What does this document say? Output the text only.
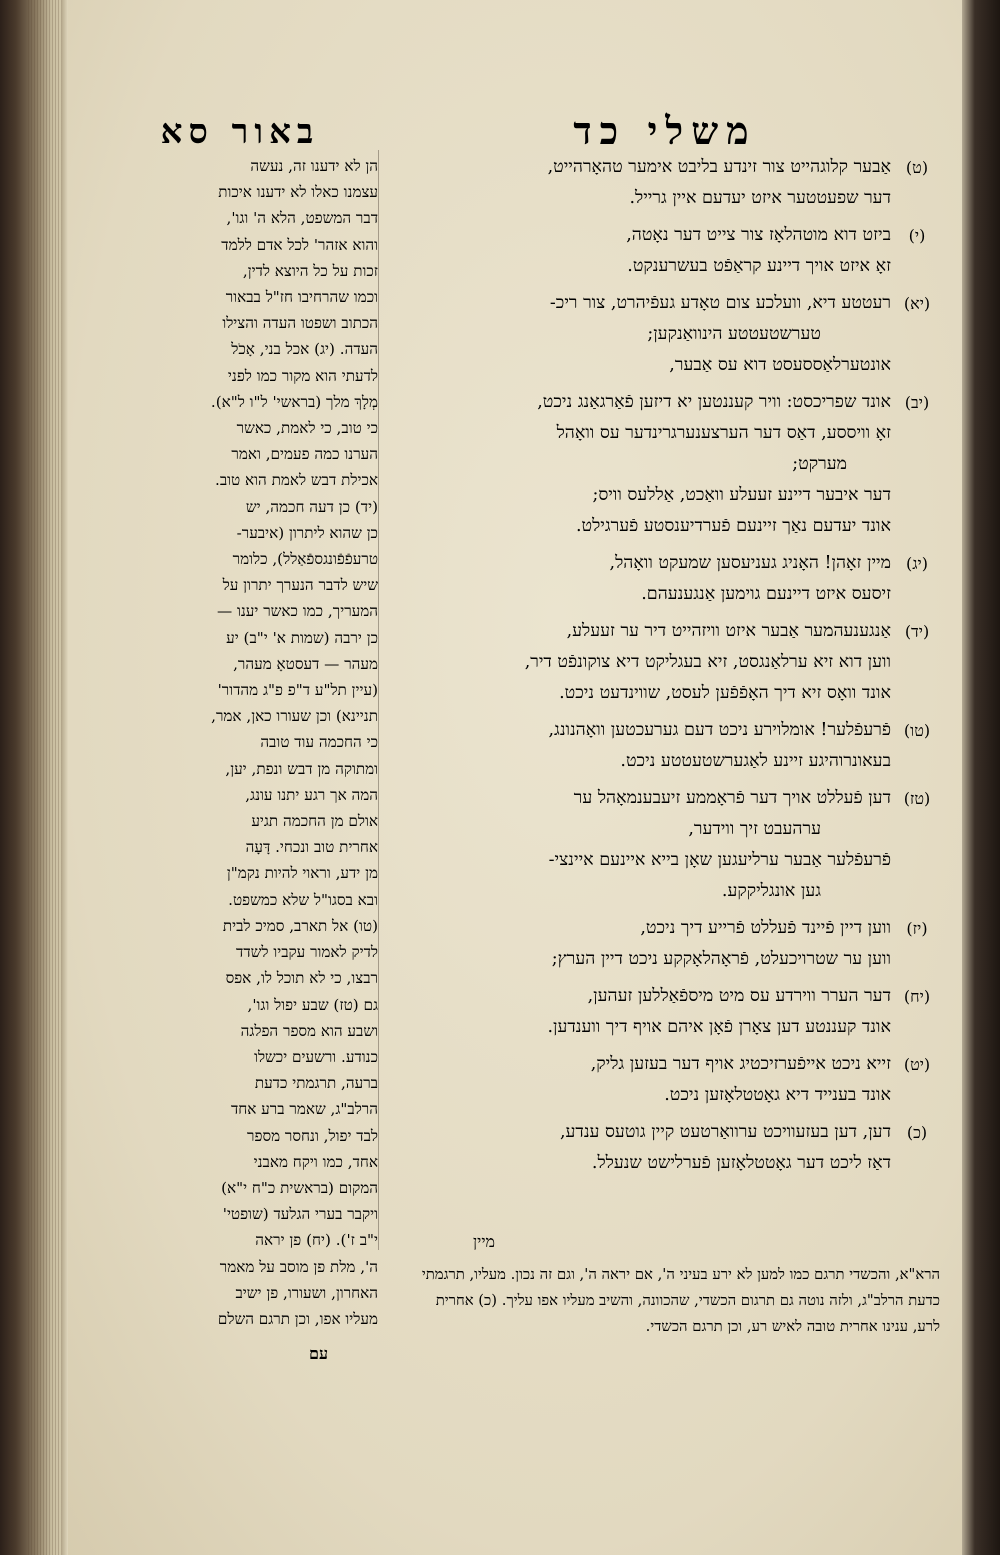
באור סא	משלי כד
הן לא ידענו זה, נעשה
עצמנו כאלו לא ידענו איכות
דבר המשפט, הלא ה' וגו',
והוא אזהר' לכל אדם ללמד
זכות על כל היוצא לדין,
וכמו שהרחיבו חז"ל בבאור
הכתוב ושפטו העדה והצילו
העדה. (יג) אכל בני, אָכֹל
לדעתי הוא מקור כמו לפני
מְלָךְ מלך (בראשי' ל"ו ל"א).
כי טוב, כי לאמת, כאשר
הערנו כמה פעמים, ואמר
אכילת דבש לאמת הוא טוב.
(יד) כן דעה חכמה, יש
כן שהוא ליתרון (איבער-
טרעפֿפֿונגספֿאַלל), כלומר
שיש לדבר הנערך יתרון על
המעריך, כמו כאשר יענו —
כן ירבה (שמות א' י"ב) יע
מעהר — דעסטאָ מעהר,
(עיין תל"ע ד"פ פ"ג מהדור'
תניינא) וכן שעורו כאן, אמר,
כי החכמה עוד טובה
ומתוקה מן דבש ונפת, יען,
המה אך רגע יתנו עונג,
אולם מן החכמה תגיע
אחרית טוב ונכחי. דָּעָה
מן ידע, וראוי להיות נקמ"ן
ובא בסגו"ל שלא כמשפט.
(טו) אל תארב, סמיכ לבית
לדיק לאמור עקביו לשדד
רבצו, כי לא תוכל לו, אפס
גם (טז) שבע יפול וגו',
ושבע הוא מספר הפלגה
כנודע. ורשעים יכשלו
ברעה, תרגמתי כדעת
הרלב"ג, שאמר ברע אחד
לבד יפול, ונחסר מספר
אחד, כמו ויקח מאבני
המקום (בראשית כ"ח י"א)
ויקבר בערי הגלעד (שופטי'
י"ב ז'). (יח) פן יראה
ה', מלת פן מוסב על מאמר
האחרון, ושעורו, פן ישיב
מעליו אפו, וכן תרגם השלם
(ט)
אַבער קלוגהייט צור זינדע בליבט אימער טהאָרהייט,
דער שפעטטער איזט יעדעם איין גרייל.
(י)
ביזט דוא מוטהלאָז צור צייט דער נאָטה,
זאָ איזט אויך דיינע קראַפֿט בעשרענקט.
(יא)
רעטטע דיא, וועלכע צום טאָדע געפֿיהרט, צור ריכ-
טערשטעטטע הינוואַנקען;
אונטערלאַססעסט דוא עס אַבער,
(יב)
אונד שפריכסט: וויר קעננטען יא דיזען פֿאַרגאַנג ניכט,
זאָ וויססע, דאַס דער הערצענערגרינדער עס וואָהל
מערקט;
דער איבער דיינע זעעלע וואַכט, אַללעס וויס;
אונד יעדעם נאַך זיינעם פֿערדיענסטע פֿערגילט.
(יג)
מיין זאָהן! האָניג געניעסען שמעקט וואָהל,
זיסעס איזט דיינעם גוימען אַנגענעהם.
(יד)
אַנגענעהמער אַבער איזט וויזהייט דיר ער זעעלע,
ווען דוא זיא ערלאַנגסט, זיא בעגליקט דיא צוקונפֿט דיר,
אונד וואָס זיא דיך האָפֿפֿען לעסט, שווינדעט ניכט.
(טו)
פֿרעפֿלער! אומלוירע ניכט דעם גערעכטען וואָהנונג,
בעאונרוהיגע זיינע לאַגערשטעטטע ניכט.
(טז)
דען פֿעללט אויך דער פֿראָממע זיעבענמאָהל ער
ערהעבט זיך ווידער,
פֿרעפֿלער אַבער ערליעגען שאָן בייא איינעם איינצי-
גען אונגליקקע.
(יז)
ווען דיין פֿיינד פֿעללט פֿרייע דיך ניכט,
ווען ער שטרויכעלט, פֿראָהלאָקקע ניכט דיין הערץ;
(יח)
דער הערר ווירדע עס מיט מיספֿאַללען זעהען,
אונד קעננטע דען צאָרן פֿאָן איהם אויף דיך ווענדען.
(יט)
זייא ניכט אייפֿערזיכטיג אויף דער בעזען גליק,
אונד בענייד דיא גאָטטלאָזען ניכט.
(כ)
דען, דען בעזעוויכט ערוואַרטעט קיין גוטעס ענדע,
דאַז ליכט דער גאָטטלאָזען פֿערלישט שנעלל.
מיין
הרא"א, והכשדי תרגם כמו למען לא ירע בעיני ה', אם יראה ה', וגם זה נכון. מעליו, תרגמתי
כדעת הרלב"ג, ולזה נוטה גם תרגום הכשדי, שהכוונה, והשיב מעליו אפו עליך. (כ) אחרית
לרע, ענינו אחרית טובה לאיש רע, וכן תרגם הכשדי.
עם
